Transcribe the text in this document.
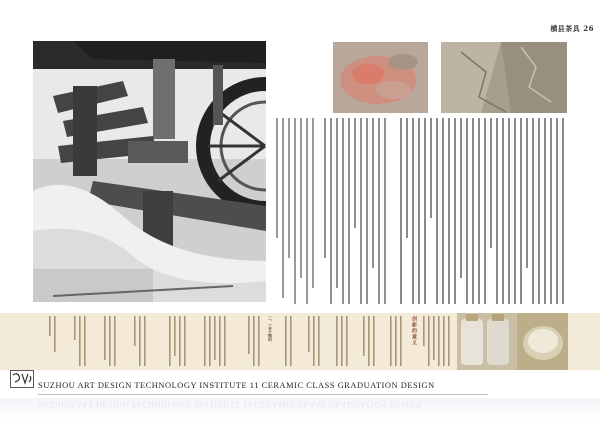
横县茶具 26
二、工艺·釉料	创新的意义
SUZHOU ART DESIGN TECHNOLOGY INSTITUTE 11 CERAMIC CLASS GRADUATION DESIGN
SUZHOU ART DESIGN TECHNOLOGY INSTITUTE 11 CERAMIC CLASS GRADUATION DESIGN
